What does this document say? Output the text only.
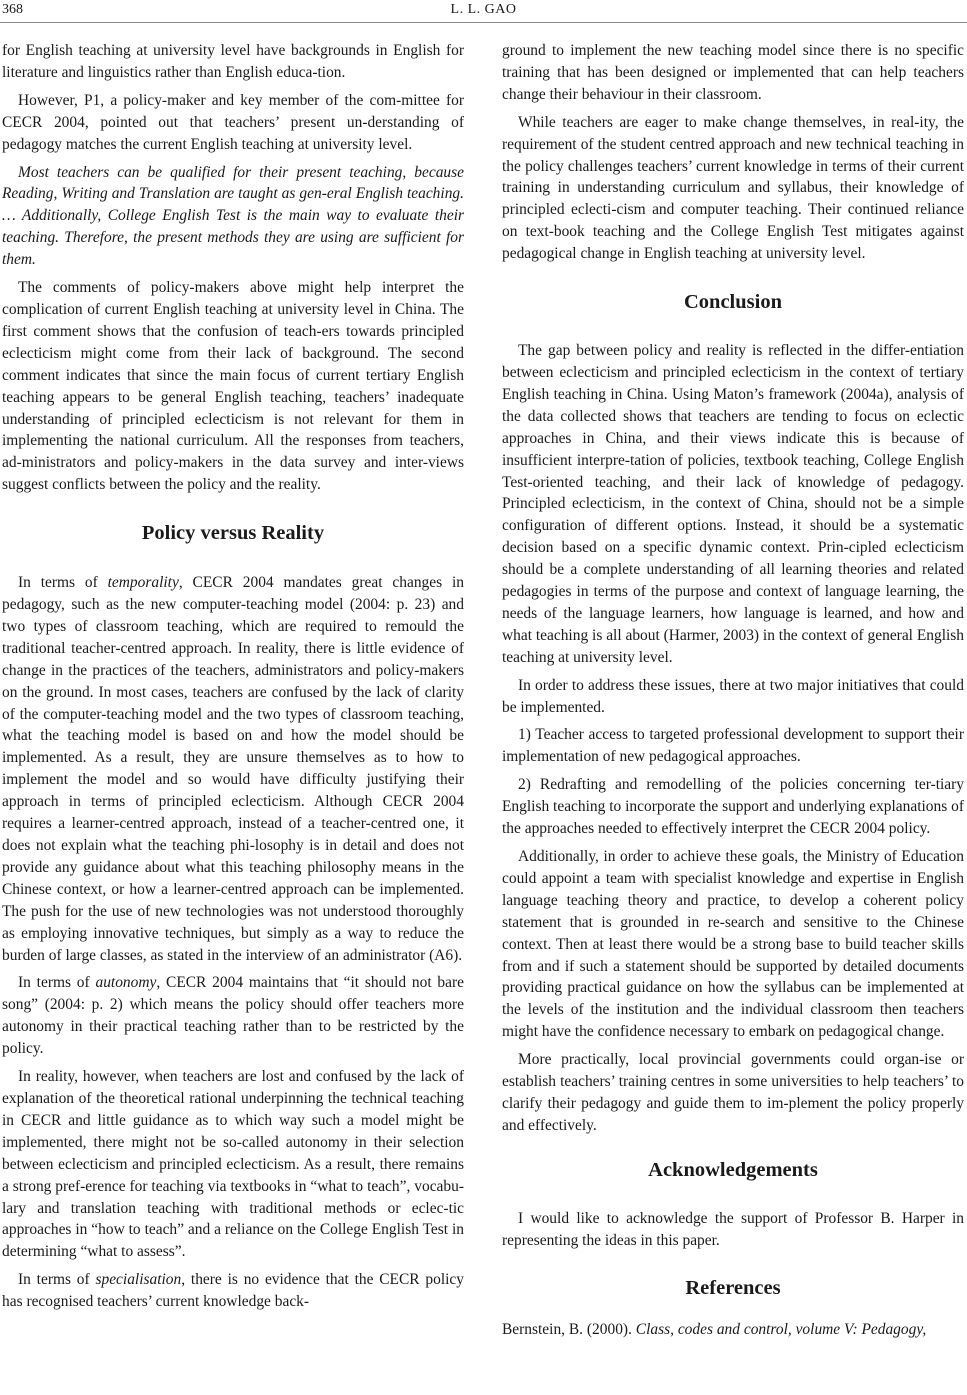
368	L. L. GAO

for English teaching at university level have backgrounds in English for literature and linguistics rather than English educa-tion.

However, P1, a policy-maker and key member of the com-mittee for CECR 2004, pointed out that teachers’ present un-derstanding of pedagogy matches the current English teaching at university level.

Most teachers can be qualified for their present teaching, because Reading, Writing and Translation are taught as gen-eral English teaching. … Additionally, College English Test is the main way to evaluate their teaching. Therefore, the present methods they are using are sufficient for them.

The comments of policy-makers above might help interpret the complication of current English teaching at university level in China. The first comment shows that the confusion of teach-ers towards principled eclecticism might come from their lack of background. The second comment indicates that since the main focus of current tertiary English teaching appears to be general English teaching, teachers’ inadequate understanding of principled eclecticism is not relevant for them in implementing the national curriculum. All the responses from teachers, ad-ministrators and policy-makers in the data survey and inter-views suggest conflicts between the policy and the reality.

Policy versus Reality

In terms of temporality, CECR 2004 mandates great changes in pedagogy, such as the new computer-teaching model (2004: p. 23) and two types of classroom teaching, which are required to remould the traditional teacher-centred approach. In reality, there is little evidence of change in the practices of the teachers, administrators and policy-makers on the ground. In most cases, teachers are confused by the lack of clarity of the computer-teaching model and the two types of classroom teaching, what the teaching model is based on and how the model should be implemented. As a result, they are unsure themselves as to how to implement the model and so would have difficulty justifying their approach in terms of principled eclecticism. Although CECR 2004 requires a learner-centred approach, instead of a teacher-centred one, it does not explain what the teaching phi-losophy is in detail and does not provide any guidance about what this teaching philosophy means in the Chinese context, or how a learner-centred approach can be implemented. The push for the use of new technologies was not understood thoroughly as employing innovative techniques, but simply as a way to reduce the burden of large classes, as stated in the interview of an administrator (A6).

In terms of autonomy, CECR 2004 maintains that “it should not bare song” (2004: p. 2) which means the policy should offer teachers more autonomy in their practical teaching rather than to be restricted by the policy.

In reality, however, when teachers are lost and confused by the lack of explanation of the theoretical rational underpinning the technical teaching in CECR and little guidance as to which way such a model might be implemented, there might not be so-called autonomy in their selection between eclecticism and principled eclecticism. As a result, there remains a strong pref-erence for teaching via textbooks in “what to teach”, vocabu-lary and translation teaching with traditional methods or eclec-tic approaches in “how to teach” and a reliance on the College English Test in determining “what to assess”.

In terms of specialisation, there is no evidence that the CECR policy has recognised teachers’ current knowledge back-

ground to implement the new teaching model since there is no specific training that has been designed or implemented that can help teachers change their behaviour in their classroom.

While teachers are eager to make change themselves, in real-ity, the requirement of the student centred approach and new technical teaching in the policy challenges teachers’ current knowledge in terms of their current training in understanding curriculum and syllabus, their knowledge of principled eclecti-cism and computer teaching. Their continued reliance on text-book teaching and the College English Test mitigates against pedagogical change in English teaching at university level.

Conclusion

The gap between policy and reality is reflected in the differ-entiation between eclecticism and principled eclecticism in the context of tertiary English teaching in China. Using Maton’s framework (2004a), analysis of the data collected shows that teachers are tending to focus on eclectic approaches in China, and their views indicate this is because of insufficient interpre-tation of policies, textbook teaching, College English Test-oriented teaching, and their lack of knowledge of pedagogy. Principled eclecticism, in the context of China, should not be a simple configuration of different options. Instead, it should be a systematic decision based on a specific dynamic context. Prin-cipled eclecticism should be a complete understanding of all learning theories and related pedagogies in terms of the purpose and context of language learning, the needs of the language learners, how language is learned, and how and what teaching is all about (Harmer, 2003) in the context of general English teaching at university level.

In order to address these issues, there at two major initiatives that could be implemented.

1) Teacher access to targeted professional development to support their implementation of new pedagogical approaches.

2) Redrafting and remodelling of the policies concerning ter-tiary English teaching to incorporate the support and underlying explanations of the approaches needed to effectively interpret the CECR 2004 policy.

Additionally, in order to achieve these goals, the Ministry of Education could appoint a team with specialist knowledge and expertise in English language teaching theory and practice, to develop a coherent policy statement that is grounded in re-search and sensitive to the Chinese context. Then at least there would be a strong base to build teacher skills from and if such a statement should be supported by detailed documents providing practical guidance on how the syllabus can be implemented at the levels of the institution and the individual classroom then teachers might have the confidence necessary to embark on pedagogical change.

More practically, local provincial governments could organ-ise or establish teachers’ training centres in some universities to help teachers’ to clarify their pedagogy and guide them to im-plement the policy properly and effectively.

Acknowledgements

I would like to acknowledge the support of Professor B. Harper in representing the ideas in this paper.

References

Bernstein, B. (2000). Class, codes and control, volume V: Pedagogy,
